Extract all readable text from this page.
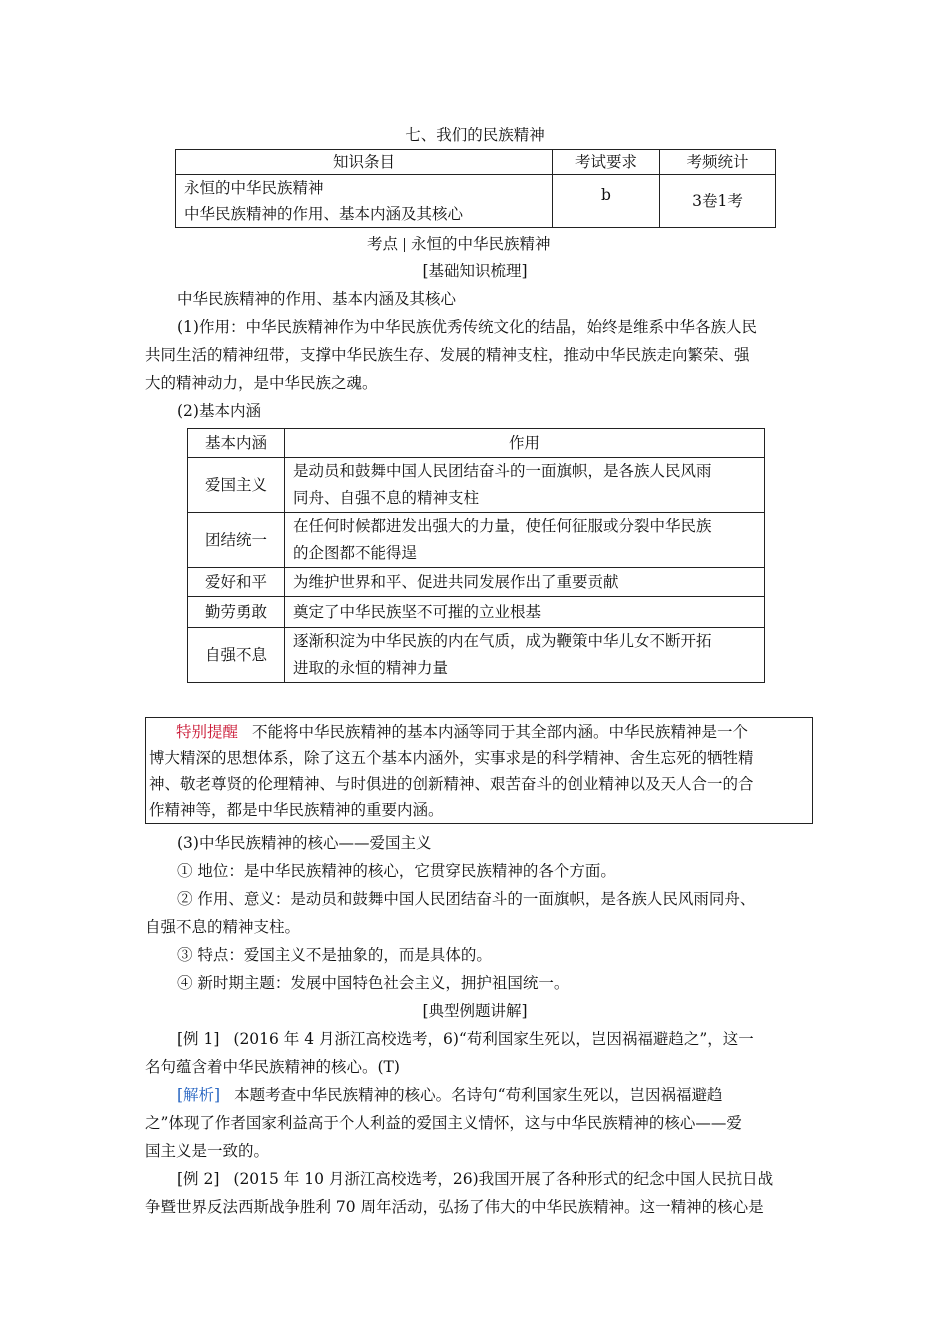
七、我们的民族精神
知识条目	考试要求	考频统计

永恒的中华民族精神
中华民族精神的作用、基本内涵及其核心	b	3卷1考
考点 永恒的中华民族精神
[基础知识梳理]
中华民族精神的作用、基本内涵及其核心
(1)作用：中华民族精神作为中华民族优秀传统文化的结晶，始终是维系中华各族人民
共同生活的精神纽带，支撑中华民族生存、发展的精神支柱，推动中华民族走向繁荣、强
大的精神动力，是中华民族之魂。
(2)基本内涵
基本内涵	作用
爱国主义	是动员和鼓舞中国人民团结奋斗的一面旗帜，是各族人民风雨
同舟、自强不息的精神支柱

团结统一	在任何时候都进发出强大的力量，使任何征服或分裂中华民族
的企图都不能得逞

爱好和平	为维护世界和平、促进共同发展作出了重要贡献

勤劳勇敢	奠定了中华民族坚不可摧的立业根基

自强不息	逐渐积淀为中华民族的内在气质，成为鞭策中华儿女不断开拓
进取的永恒的精神力量
特别提醒 不能将中华民族精神的基本内涵等同于其全部内涵。中华民族精神是一个
博大精深的思想体系，除了这五个基本内涵外，实事求是的科学精神、舍生忘死的牺牲精
神、敬老尊贤的伦理精神、与时俱进的创新精神、艰苦奋斗的创业精神以及天人合一的合
作精神等，都是中华民族精神的重要内涵。
(3)中华民族精神的核心——爱国主义
① 地位：是中华民族精神的核心，它贯穿民族精神的各个方面。
② 作用、意义：是动员和鼓舞中国人民团结奋斗的一面旗帜，是各族人民风雨同舟、
自强不息的精神支柱。
③ 特点：爱国主义不是抽象的，而是具体的。
④ 新时期主题：发展中国特色社会主义，拥护祖国统一。
[典型例题讲解]
[例 1] (2016 年 4 月浙江高校选考，6)“苟利国家生死以，岂因祸福避趋之”，这一
名句蕴含着中华民族精神的核心。(T)
[解析] 本题考查中华民族精神的核心。名诗句“苟利国家生死以，岂因祸福避趋
之”体现了作者国家利益高于个人利益的爱国主义情怀，这与中华民族精神的核心——爱
国主义是一致的。
[例 2] (2015 年 10 月浙江高校选考，26)我国开展了各种形式的纪念中国人民抗日战
争暨世界反法西斯战争胜利 70 周年活动，弘扬了伟大的中华民族精神。这一精神的核心是
